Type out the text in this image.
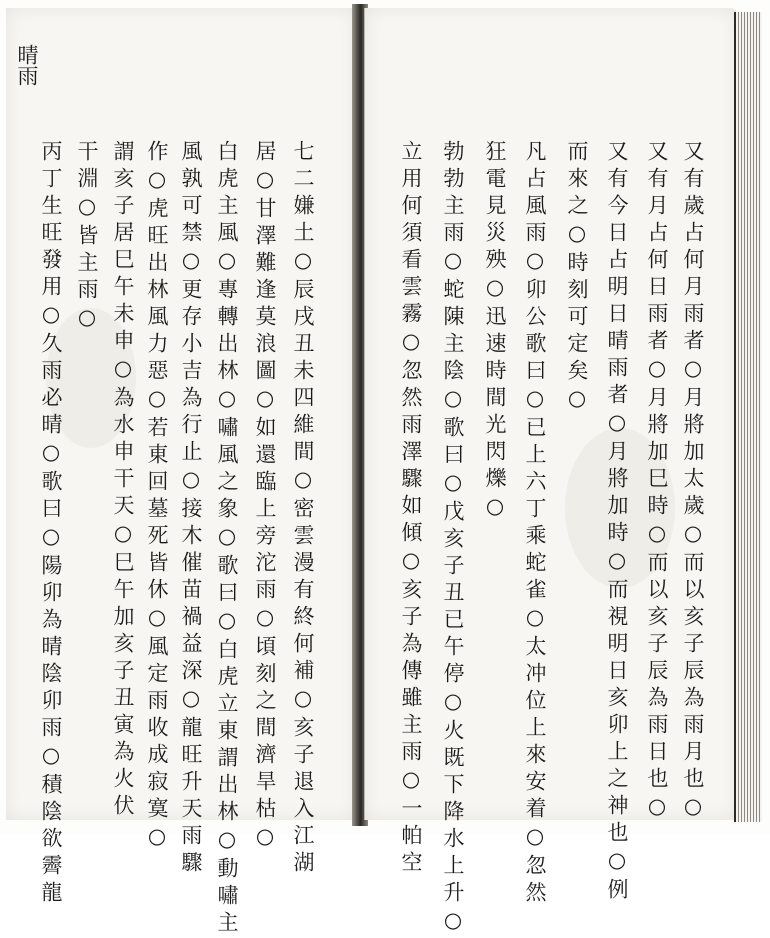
晴雨
又有歲占何月雨者○月將加太歲○而以亥子辰為雨月也○
又有月占何日雨者○月將加巳時○而以亥子辰為雨日也○
又有今日占明日晴雨者○月將加時○而視明日亥卯上之神也○例
而來之○時刻可定矣○
凡占風雨○卯公歌曰○已上六丁乘蛇雀○太冲位上來安着○忽然
狂電見災殃○迅速時間光閃爍○
勃勃主雨○蛇陳主陰○歌曰○戊亥子丑已午停○火既下降水上升○
立用何須看雲霧○忽然雨澤驟如傾○亥子為傳雖主雨○一帕空
七二嫌土○辰戌丑未四維間○密雲漫有終何補○亥子退入江湖
居○甘澤難逢莫浪圖○如還臨上旁沱雨○頃刻之間濟旱枯○
白虎主風○專轉出林○嘯風之象○歌曰○白虎立東謂出林○動嘯主
風孰可禁○更存小吉為行止○接木催苗禍益深○龍旺升天雨驟
作○虎旺出林風力惡○若東回墓死皆休○風定雨收成寂寞○
謂亥子居巳午未申○為水申干天○巳午加亥子丑寅為火伏
干淵○皆主雨○
丙丁生旺發用○久雨必晴○歌曰○陽卯為晴陰卯雨○積陰欲霽龍
